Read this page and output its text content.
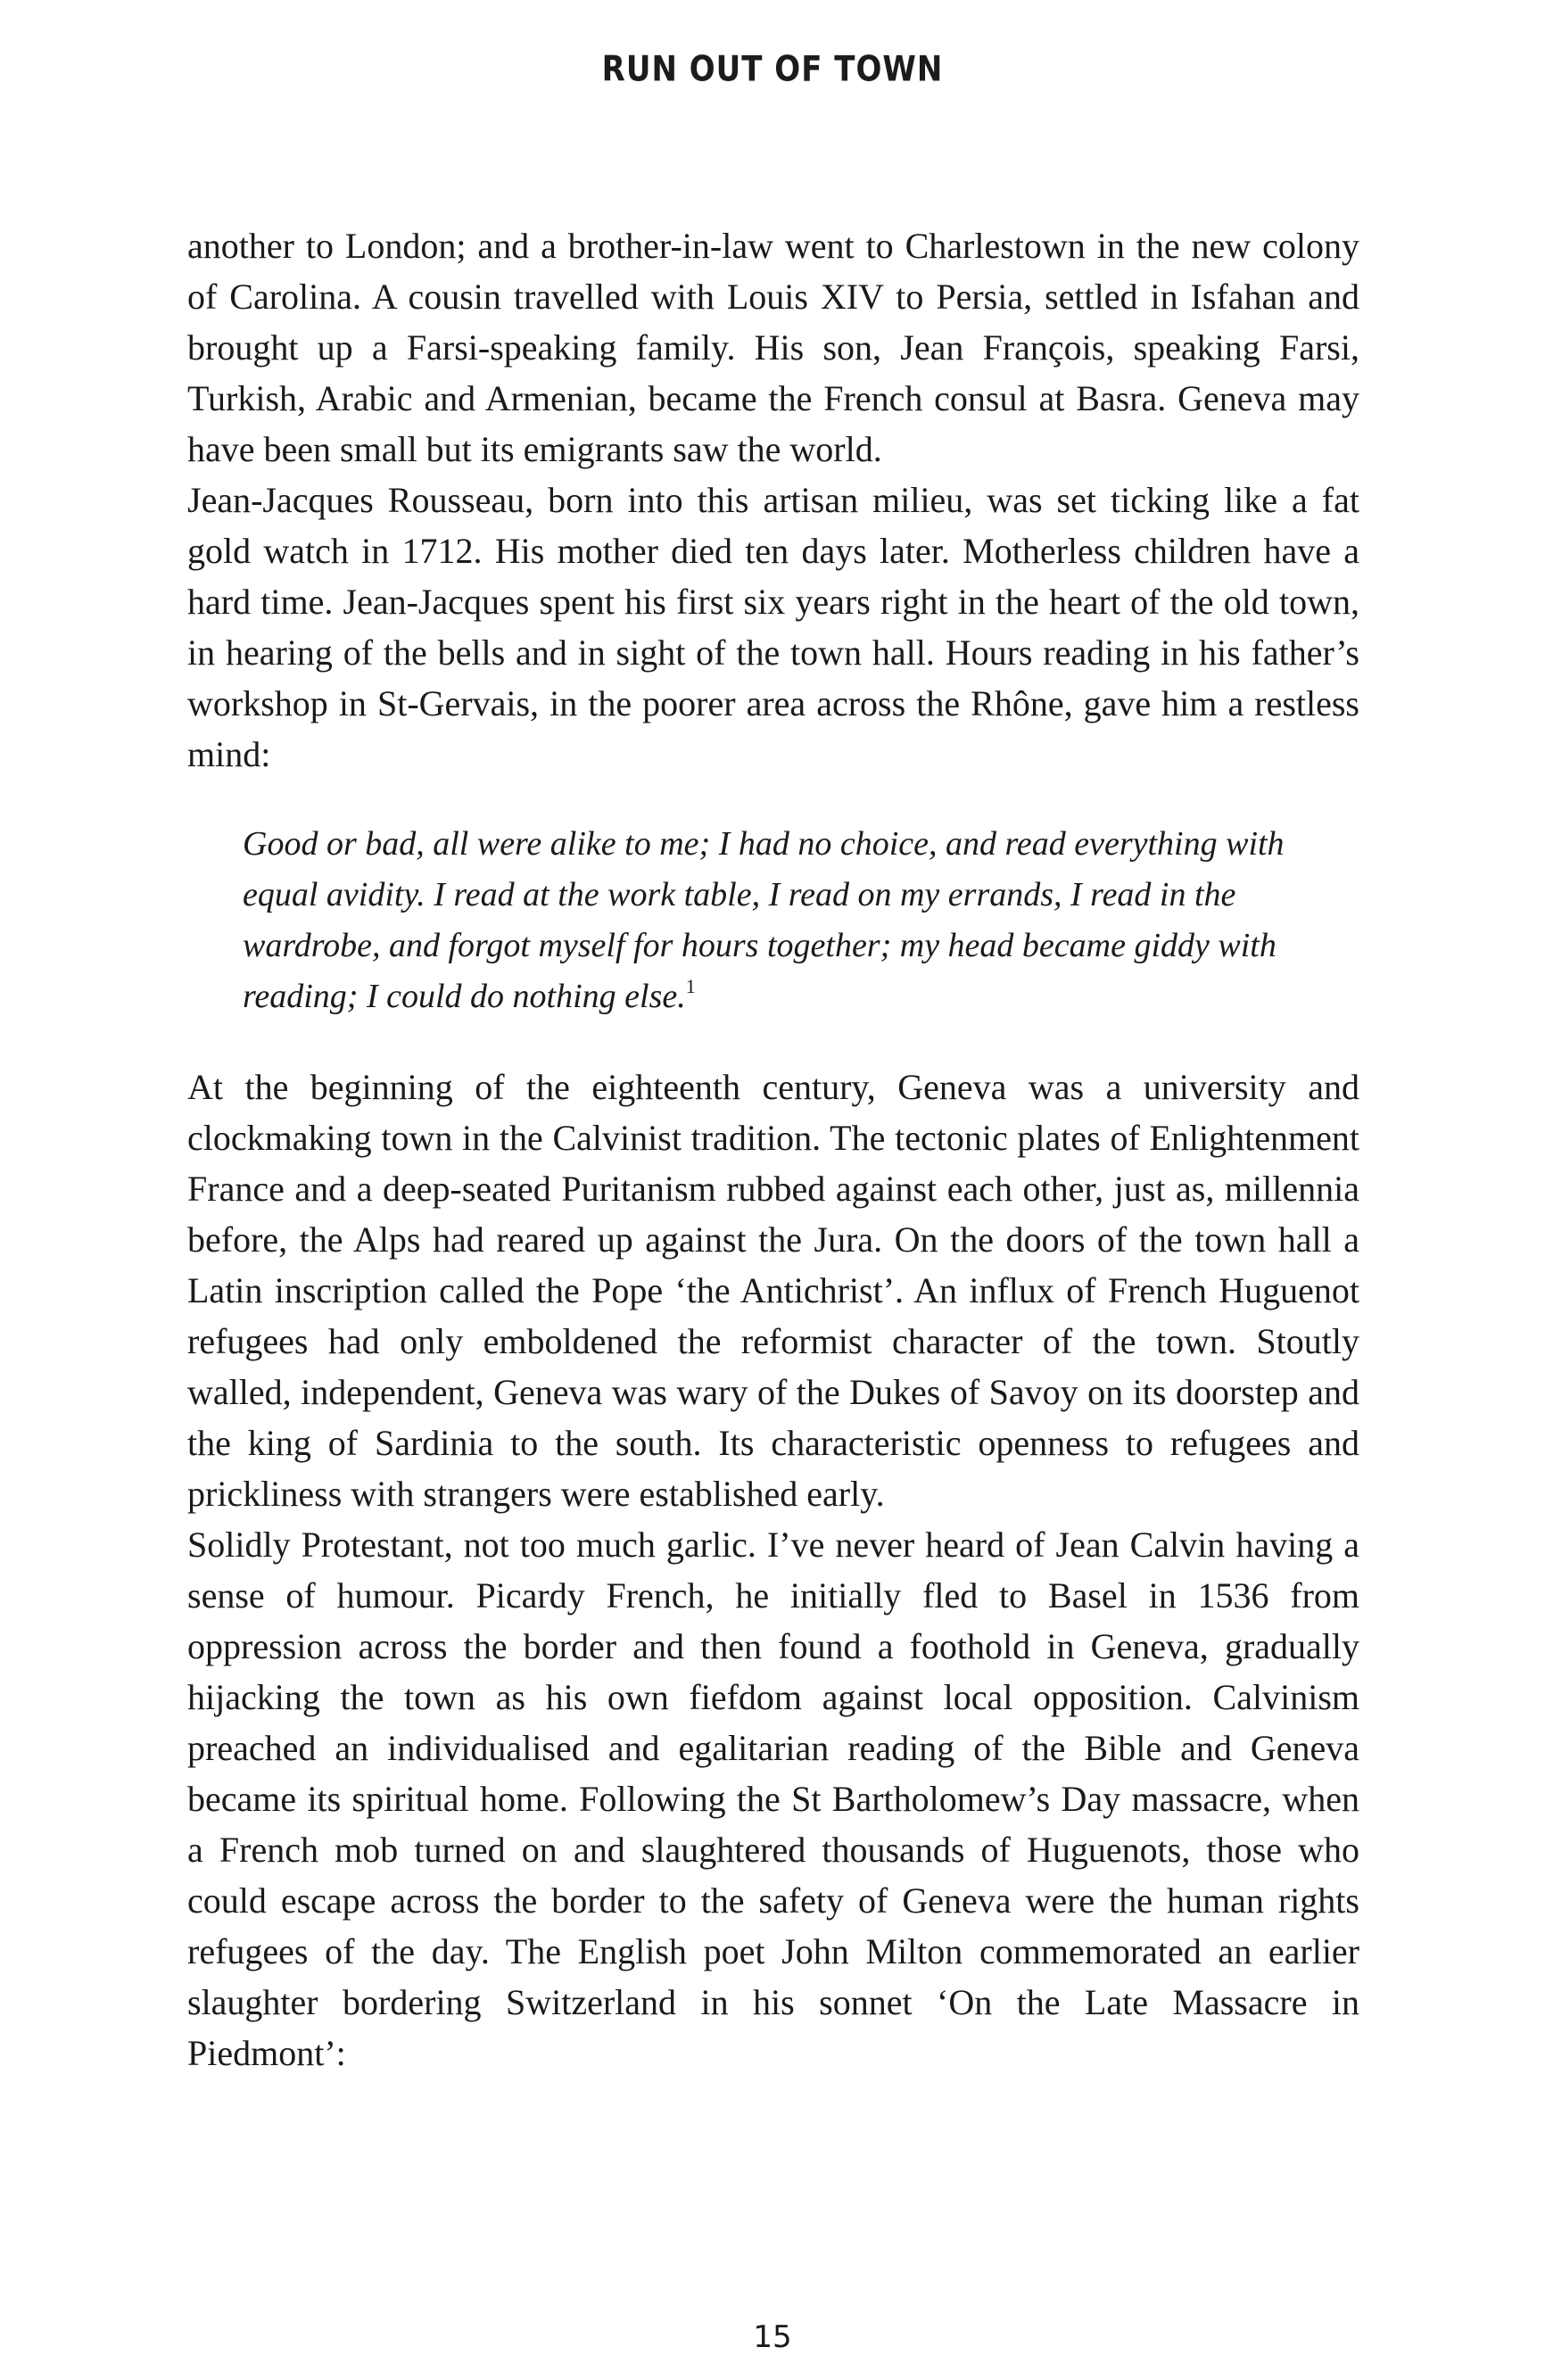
RUN OUT OF TOWN

another to London; and a brother-in-law went to Charlestown in the new colony of Carolina. A cousin travelled with Louis XIV to Persia, settled in Isfahan and brought up a Farsi-speaking family. His son, Jean François, speaking Farsi, Turkish, Arabic and Armenian, became the French consul at Basra. Geneva may have been small but its emigrants saw the world.

Jean-Jacques Rousseau, born into this artisan milieu, was set ticking like a fat gold watch in 1712. His mother died ten days later. Motherless children have a hard time. Jean-Jacques spent his first six years right in the heart of the old town, in hearing of the bells and in sight of the town hall. Hours reading in his father’s workshop in St-Gervais, in the poorer area across the Rhône, gave him a restless mind:

Good or bad, all were alike to me; I had no choice, and read everything with equal avidity. I read at the work table, I read on my errands, I read in the wardrobe, and forgot myself for hours together; my head became giddy with reading; I could do nothing else.$^1$

At the beginning of the eighteenth century, Geneva was a university and clockmaking town in the Calvinist tradition. The tectonic plates of Enlightenment France and a deep-seated Puritanism rubbed against each other, just as, millennia before, the Alps had reared up against the Jura. On the doors of the town hall a Latin inscription called the Pope ‘the Antichrist’. An influx of French Huguenot refugees had only emboldened the reformist character of the town. Stoutly walled, independent, Geneva was wary of the Dukes of Savoy on its doorstep and the king of Sardinia to the south. Its characteristic openness to refugees and prickliness with strangers were established early.

Solidly Protestant, not too much garlic. I’ve never heard of Jean Calvin having a sense of humour. Picardy French, he initially fled to Basel in 1536 from oppression across the border and then found a foothold in Geneva, gradually hijacking the town as his own fiefdom against local opposition. Calvinism preached an individualised and egalitarian reading of the Bible and Geneva became its spiritual home. Following the St Bartholomew’s Day massacre, when a French mob turned on and slaughtered thousands of Huguenots, those who could escape across the border to the safety of Geneva were the human rights refugees of the day. The English poet John Milton commemorated an earlier slaughter bordering Switzerland in his sonnet ‘On the Late Massacre in Piedmont’:

15
